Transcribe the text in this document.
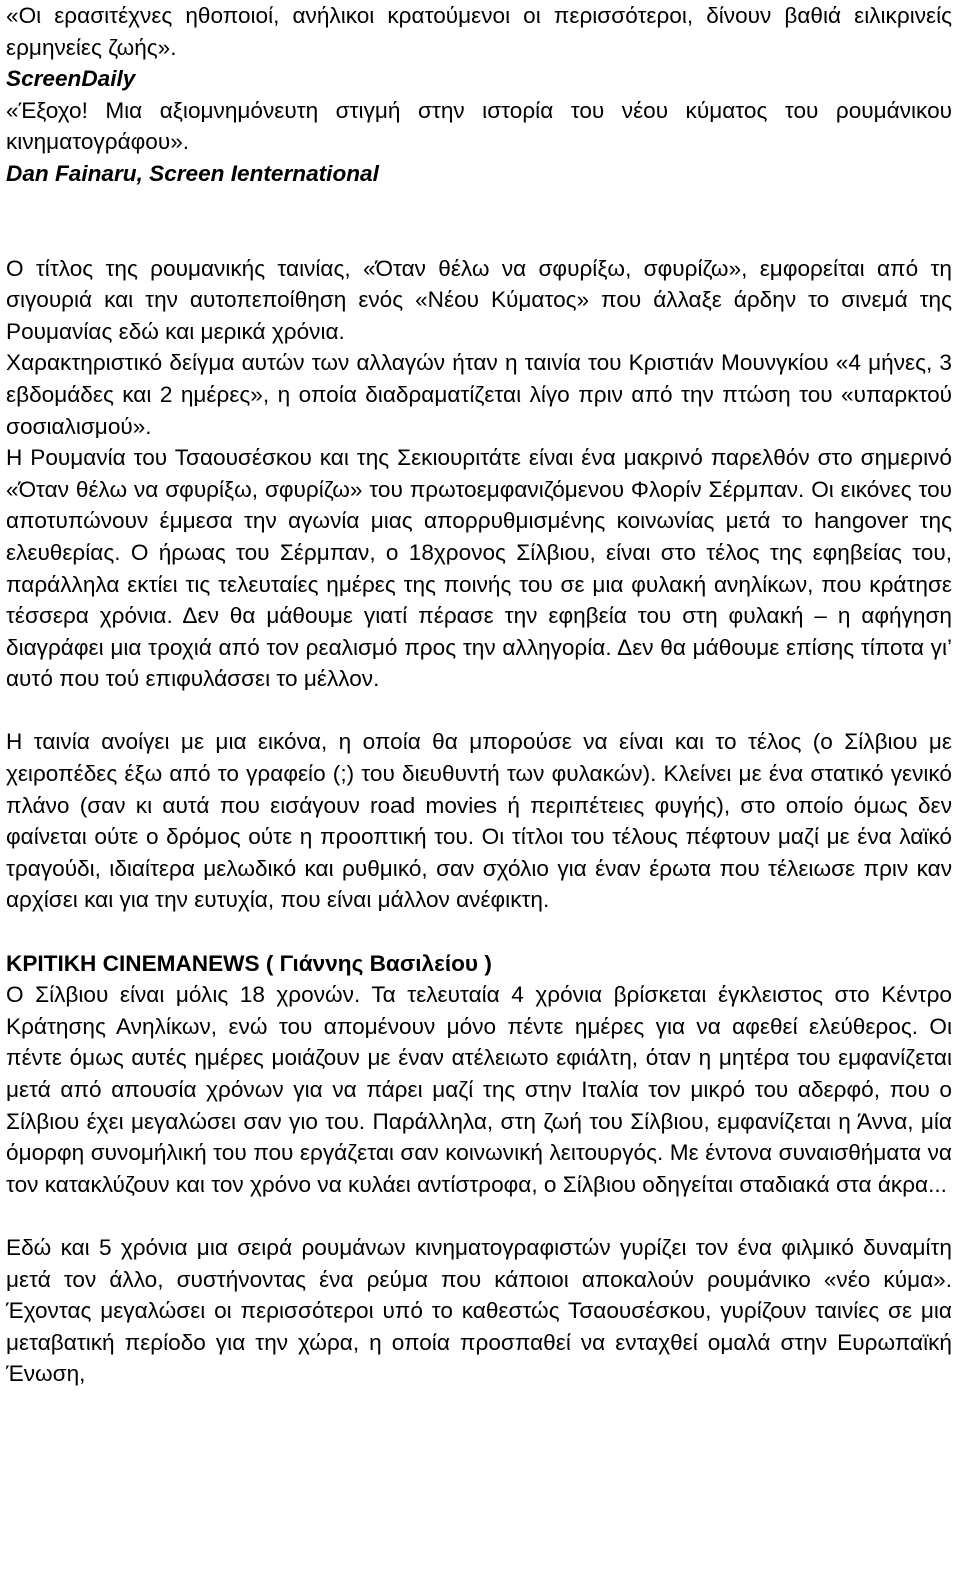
«Οι ερασιτέχνες ηθοποιοί, ανήλικοι κρατούμενοι οι περισσότεροι, δίνουν βαθιά ειλικρινείς ερμηνείες ζωής».

ScreenDaily

«Έξοχο! Μια αξιομνημόνευτη στιγμή στην ιστορία του νέου κύματος του ρουμάνικου κινηματογράφου».

Dan Fainaru, Screen Ienternational

Ο τίτλος της ρουμανικής ταινίας, «Όταν θέλω να σφυρίξω, σφυρίζω», εμφορείται από τη σιγουριά και την αυτοπεποίθηση ενός «Νέου Κύματος» που άλλαξε άρδην το σινεμά της Ρουμανίας εδώ και μερικά χρόνια.

Χαρακτηριστικό δείγμα αυτών των αλλαγών ήταν η ταινία του Κριστιάν Μουνγκίου «4 μήνες, 3 εβδομάδες και 2 ημέρες», η οποία διαδραματίζεται λίγο πριν από την πτώση του «υπαρκτού σοσιαλισμού».

Η Ρουμανία του Τσαουσέσκου και της Σεκιουριτάτε είναι ένα μακρινό παρελθόν στο σημερινό «Όταν θέλω να σφυρίξω, σφυρίζω» του πρωτοεμφανιζόμενου Φλορίν Σέρμπαν. Οι εικόνες του αποτυπώνουν έμμεσα την αγωνία μιας απορρυθμισμένης κοινωνίας μετά το hangover της ελευθερίας. Ο ήρωας του Σέρμπαν, ο 18χρονος Σίλβιου, είναι στο τέλος της εφηβείας του, παράλληλα εκτίει τις τελευταίες ημέρες της ποινής του σε μια φυλακή ανηλίκων, που κράτησε τέσσερα χρόνια. Δεν θα μάθουμε γιατί πέρασε την εφηβεία του στη φυλακή – η αφήγηση διαγράφει μια τροχιά από τον ρεαλισμό προς την αλληγορία. Δεν θα μάθουμε επίσης τίποτα γι’ αυτό που τού επιφυλάσσει το μέλλον.

Η ταινία ανοίγει με μια εικόνα, η οποία θα μπορούσε να είναι και το τέλος (ο Σίλβιου με χειροπέδες έξω από το γραφείο (;) του διευθυντή των φυλακών). Κλείνει με ένα στατικό γενικό πλάνο (σαν κι αυτά που εισάγουν road movies ή περιπέτειες φυγής), στο οποίο όμως δεν φαίνεται ούτε ο δρόμος ούτε η προοπτική του. Οι τίτλοι του τέλους πέφτουν μαζί με ένα λαϊκό τραγούδι, ιδιαίτερα μελωδικό και ρυθμικό, σαν σχόλιο για έναν έρωτα που τέλειωσε πριν καν αρχίσει και για την ευτυχία, που είναι μάλλον ανέφικτη.

ΚΡΙΤΙΚΗ CINEMANEWS ( Γιάννης Βασιλείου )

Ο Σίλβιου είναι μόλις 18 χρονών. Τα τελευταία 4 χρόνια βρίσκεται έγκλειστος στο Κέντρο Κράτησης Ανηλίκων, ενώ του απομένουν μόνο πέντε ημέρες για να αφεθεί ελεύθερος. Οι πέντε όμως αυτές ημέρες μοιάζουν με έναν ατέλειωτο εφιάλτη, όταν η μητέρα του εμφανίζεται μετά από απουσία χρόνων για να πάρει μαζί της στην Ιταλία τον μικρό του αδερφό, που ο Σίλβιου έχει μεγαλώσει σαν γιο του. Παράλληλα, στη ζωή του Σίλβιου, εμφανίζεται η Άννα, μία όμορφη συνομήλική του που εργάζεται σαν κοινωνική λειτουργός. Με έντονα συναισθήματα να τον κατακλύζουν και τον χρόνο να κυλάει αντίστροφα, ο Σίλβιου οδηγείται σταδιακά στα άκρα...

Εδώ και 5 χρόνια μια σειρά ρουμάνων κινηματογραφιστών γυρίζει τον ένα φιλμικό δυναμίτη μετά τον άλλο, συστήνοντας ένα ρεύμα που κάποιοι αποκαλούν ρουμάνικο «νέο κύμα». Έχοντας μεγαλώσει οι περισσότεροι υπό το καθεστώς Τσαουσέσκου, γυρίζουν ταινίες σε μια μεταβατική περίοδο για την χώρα, η οποία προσπαθεί να ενταχθεί ομαλά στην Ευρωπαϊκή Ένωση,
